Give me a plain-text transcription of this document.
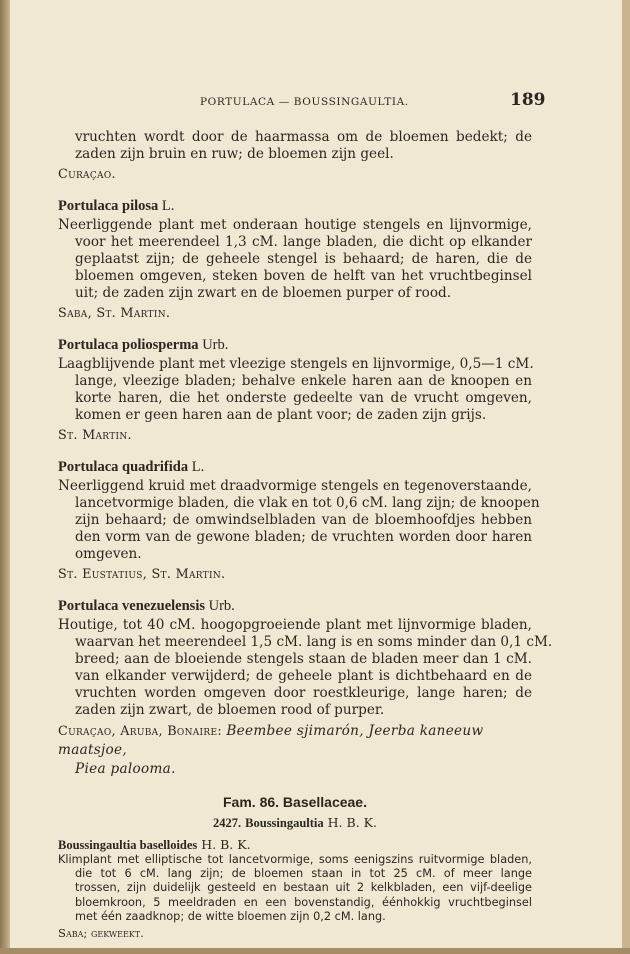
PORTULACA — BOUSSINGAULTIA.	189
vruchten wordt door de haarmassa om de bloemen bedekt; de
zaden zijn bruin en ruw; de bloemen zijn geel.
Curaçao.
Portulaca pilosa L.
Neerliggende plant met onderaan houtige stengels en lijnvormige,
voor het meerendeel 1,3 cM. lange bladen, die dicht op elkander
geplaatst zijn; de geheele stengel is behaard; de haren, die de
bloemen omgeven, steken boven de helft van het vruchtbeginsel
uit; de zaden zijn zwart en de bloemen purper of rood.
Saba, St. Martin.
Portulaca poliosperma Urb.
Laagblijvende plant met vleezige stengels en lijnvormige, 0,5—1 cM.
lange, vleezige bladen; behalve enkele haren aan de knoopen en
korte haren, die het onderste gedeelte van de vrucht omgeven,
komen er geen haren aan de plant voor; de zaden zijn grijs.
St. Martin.
Portulaca quadrifida L.
Neerliggend kruid met draadvormige stengels en tegenoverstaande,
lancetvormige bladen, die vlak en tot 0,6 cM. lang zijn; de knoopen
zijn behaard; de omwindselbladen van de bloemhoofdjes hebben
den vorm van de gewone bladen; de vruchten worden door haren
omgeven.
St. Eustatius, St. Martin.
Portulaca venezuelensis Urb.
Houtige, tot 40 cM. hoogopgroeiende plant met lijnvormige bladen,
waarvan het meerendeel 1,5 cM. lang is en soms minder dan 0,1 cM.
breed; aan de bloeiende stengels staan de bladen meer dan 1 cM.
van elkander verwijderd; de geheele plant is dichtbehaard en de
vruchten worden omgeven door roestkleurige, lange haren; de
zaden zijn zwart, de bloemen rood of purper.
Curaçao, Aruba, Bonaire: Beembee sjimarón, Jeerba kaneeuw maatsjoe,
Piea palooma.
Fam. 86. Basellaceae.
2427. Boussingaultia H. B. K.
Boussingaultia baselloides H. B. K.
Klimplant met elliptische tot lancetvormige, soms eenigszins ruitvormige bladen,
die tot 6 cM. lang zijn; de bloemen staan in tot 25 cM. of meer lange
trossen, zijn duidelijk gesteeld en bestaan uit 2 kelkbladen, een vijf-deelige
bloemkroon, 5 meeldraden en een bovenstandig, éénhokkig vruchtbeginsel
met één zaadknop; de witte bloemen zijn 0,2 cM. lang.
Saba; gekweekt.
